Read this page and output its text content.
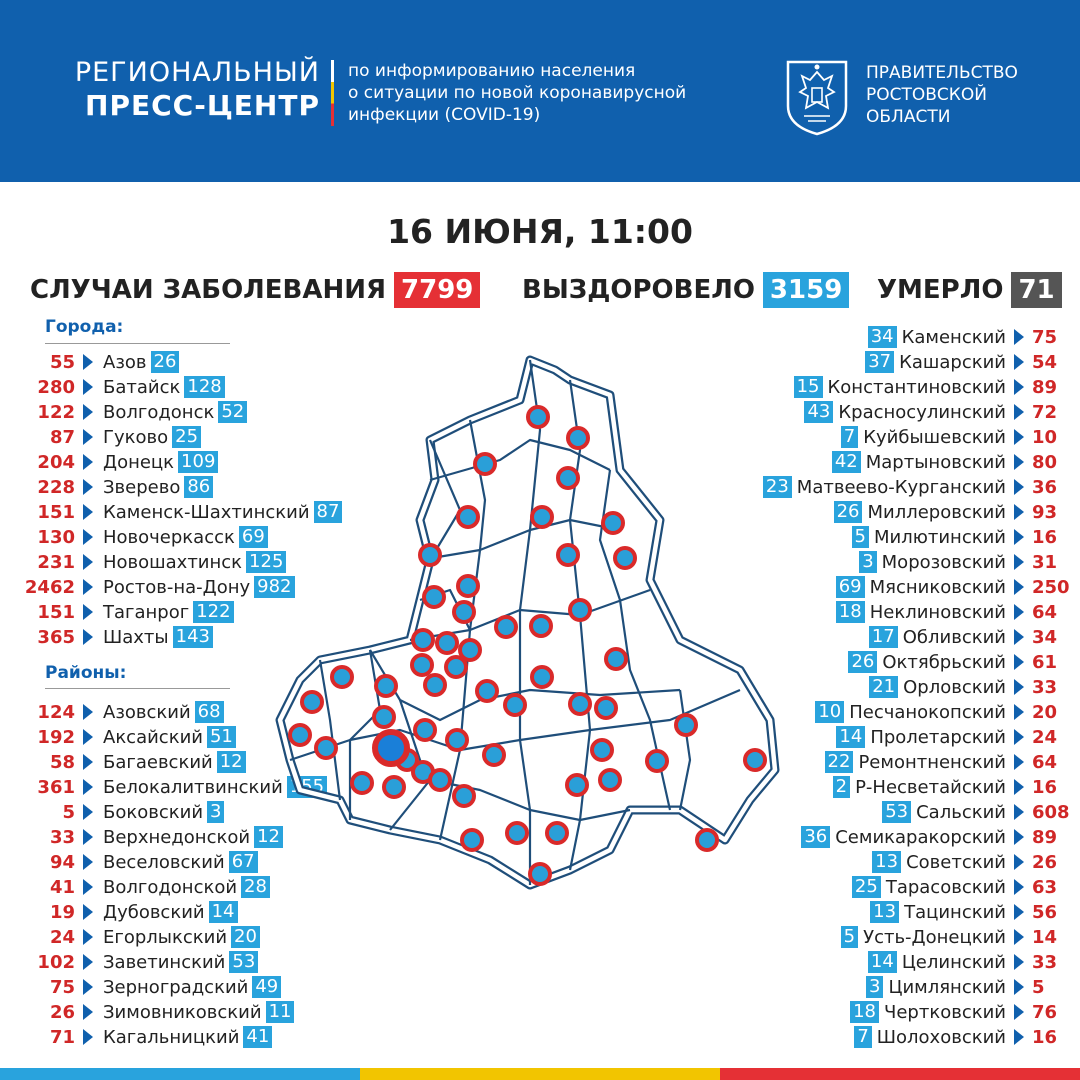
РЕГИОНАЛЬНЫЙ
ПРЕСС-ЦЕНТР
по информированию населения
о ситуации по новой коронавирусной
инфекции (COVID-19)
ПРАВИТЕЛЬСТВО
РОСТОВСКОЙ
ОБЛАСТИ
16 ИЮНЯ, 11:00
СЛУЧАИ ЗАБОЛЕВАНИЯ 7799 ВЫЗДОРОВЕЛО 3159 УМЕРЛО 71
Города:
Районы:
55 Азов 26
280 Батайск 128
122 Волгодонск 52
87 Гуково 25
204 Донецк 109
228 Зверево 86
151 Каменск-Шахтинский 87
130 Новочеркасск 69
231 Новошахтинск 125
2462 Ростов-на-Дону 982
151 Таганрог 122
365 Шахты 143
124 Азовский 68
192 Аксайский 51
58 Багаевский 12
361 Белокалитвинский 155
5 Боковский 3
33 Верхнедонской 12
94 Веселовский 67
41 Волгодонской 28
19 Дубовский 14
24 Егорлыкский 20
102 Заветинский 53
75 Зерноградский 49
26 Зимовниковский 11
71 Кагальницкий 41
34 Каменский 75
37 Кашарский 54
15 Константиновский 89
43 Красносулинский 72
7 Куйбышевский 10
42 Мартыновский 80
23 Матвеево-Курганский 36
26 Миллеровский 93
5 Милютинский 16
3 Морозовский 31
69 Мясниковский 250
18 Неклиновский 64
17 Обливский 34
26 Октябрьский 61
21 Орловский 33
10 Песчанокопский 20
14 Пролетарский 24
22 Ремонтненский 64
2 Р-Несветайский 16
53 Сальский 608
36 Семикаракорский 89
13 Советский 26
25 Тарасовский 63
13 Тацинский 56
5 Усть-Донецкий 14
14 Целинский 33
3 Цимлянский 5
18 Чертковский 76
7 Шолоховский 16
